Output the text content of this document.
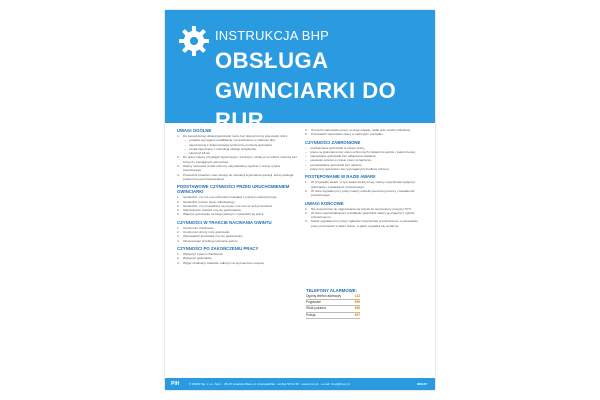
INSTRUKCJA BHP
OBSŁUGA
GWINCIARKI DO RUR
UWAGI OGÓLNE
1. Do samodzielnej obsługi gwinciarki może być dopuszczony pracownik, który:
– posiada wymagane kwalifikacje i przeszkolenie w zakresie bhp,
– zapoznał się z dokumentacją techniczno-ruchową gwinciarki,
– został zapoznany z instrukcją obsługi urządzenia,
– ukończył 18 lat.
2. Do pracy należy przystąpić wypoczętym, trzeźwym, ubranym w odzież roboczą bez luźnych i zwisających elementów.
3. Należy stosować środki ochrony indywidualnej zgodnie z oceną ryzyka zawodowego.
4. Pracownik powinien mieć dostęp do instrukcji wykonania operacji, której obsługa powierzona jest pracownikowi.
PODSTAWOWE CZYNNOŚCI PRZED URUCHOMIENIEM GWINCIARKI
1. Sprawdzić, czy nie ma uszkodzeń instalacji i osprzętu elektrycznego.
2. Sprawdzić poziom płynu chłodzącego.
3. Sprawdzić, czy prowadnice są czyste i nie ma na nich przeszkód.
4. Odpowiednio ustawić rurę do gwintowania.
5. Włączyć gwinciarkę na biegu jałowym i sprawdzić jej pracę.
CZYNNOŚCI W TRAKCIE NACINANIA GWINTU
1. Uruchomić chłodzenie.
2. Uruchomić obroty noży gwinciarki.
3. Wprowadzić końcówkę rury do gwintownicy.
4. Obserwować przebieg nacinania gwintu.
CZYNNOŚCI PO ZAKOŃCZENIU PRACY
1. Wyłączyć system chłodzenia.
2. Wyłączyć gwinciarkę.
3. Wyjąć obrabiany materiał i odłożyć na wyznaczone miejsce.
4. Oczyścić stanowisko pracy, usunąć odpady, opiłki oraz resztki chłodziwa.
5. Pozostawić stanowisko pracy w należytym porządku.
CZYNNOŚCI ZABRONIONE
– uruchamianie gwinciarki w czasie pracy,
– praca na gwinciarce bez osłon ochronnych (zwłaszcza gwintu i zakończenia),
– naprawianie gwinciarki bez odłączenia zasilania,
– usuwanie wiórów w czasie pracy urządzenia,
– pozostawianie gwinciarki bez nadzoru,
– praca przy gwinciarce bez wymaganych środków ochrony.
POSTĘPOWANIE W RAZIE AWARII
1. W przypadku awarii, w tym awarii elektrycznej, należy natychmiast wyłączyć gwinciarkę i powiadomić przełożonego.
2. W razie wypadku przy pracy należy udzielić pierwszej pomocy i zawiadomić przełożonego.
UWAGI KOŃCOWE
1. Nie dopuszczać do nagrzewania się łożysk do temperatury powyżej 70°C.
2. W razie nieprawidłowości w działaniu gwinciarki należy ją wyłączyć i zgłosić przełożonemu.
3. Każdy wypadek przy pracy zgłaszać natychmiast przełożonemu, a stanowisko pracy pozostawić w takim stanie, w jakim wypadek się wydarzył.
TELEFONY ALARMOWE:
Ogólny telefon alarmowy	112
Pogotowie	999
Straż pożarna	998
Policja	997
PIH	© ZNOR Sp. z o.o. Sp.k. · 86-07 Gdańsk-Oliwa, ul. Grunwaldzka · tel./fax 58 34 50 · www.znoz.pl · e-mail: znoz@znoz.pl	IBS137
